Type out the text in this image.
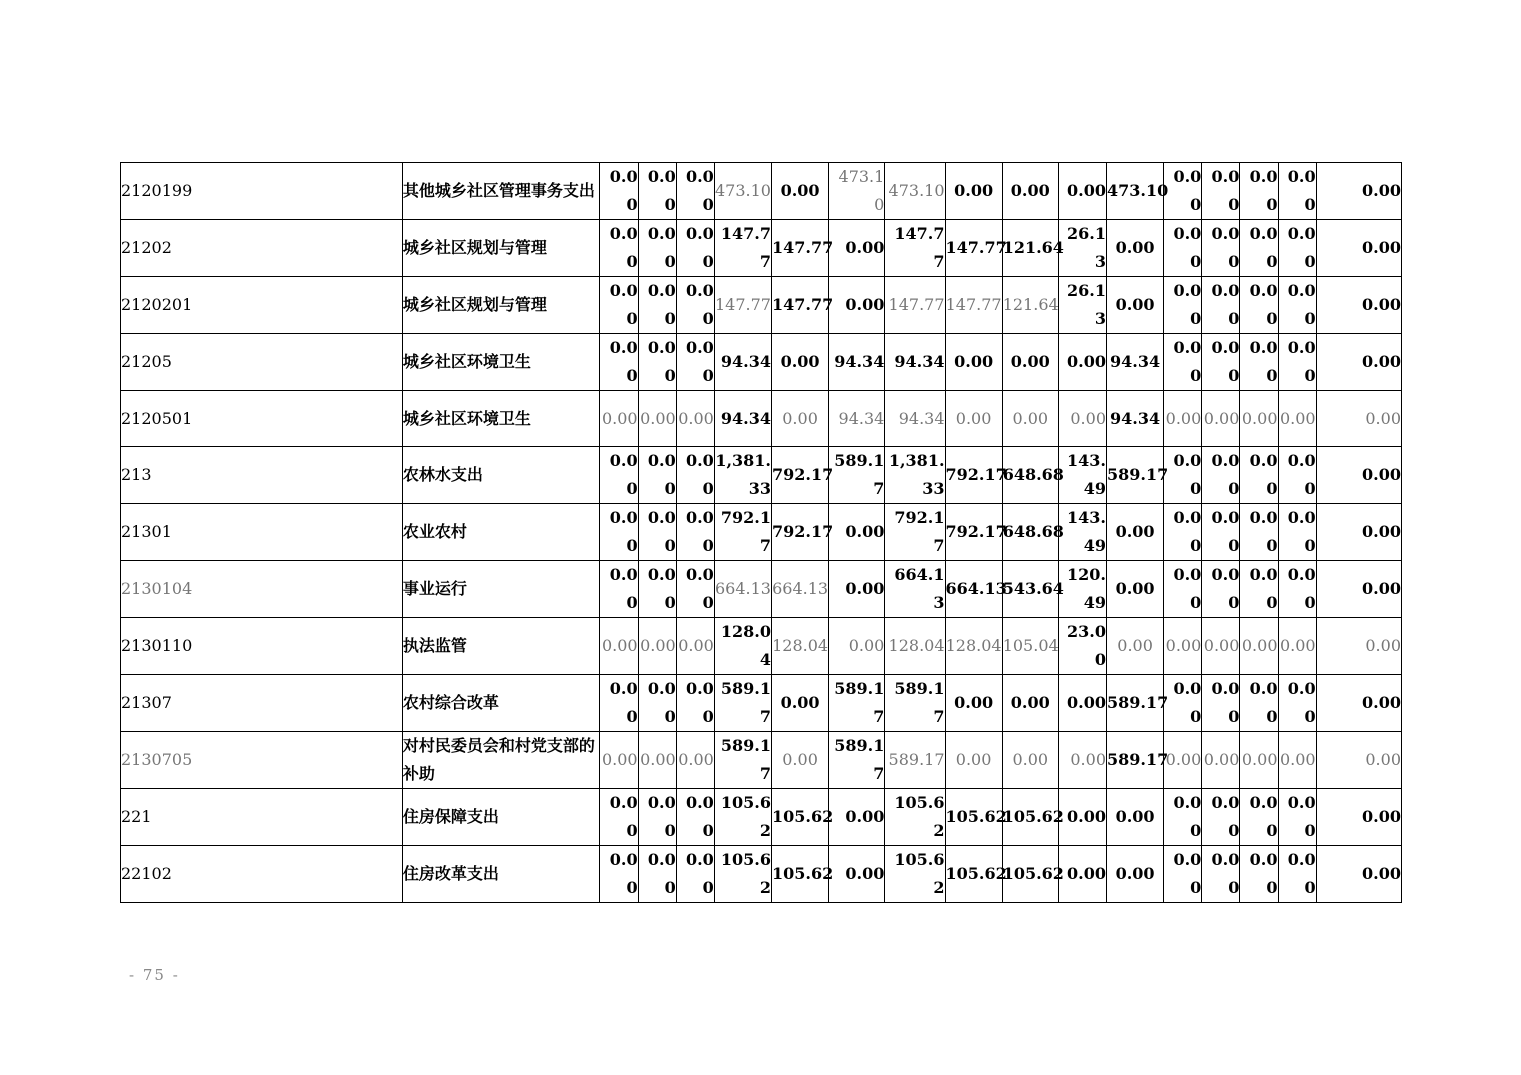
2120199	其他城乡社区管理事务支出	0.00	0.00	0.00	473.10	0.00	473.10	473.10	0.00	0.00	0.00	473.10	0.00	0.00	0.00	0.00	0.00
21202	城乡社区规划与管理	0.00	0.00	0.00	147.77	147.77	0.00	147.77	147.77	121.64	26.13	0.00	0.00	0.00	0.00	0.00	0.00
2120201	城乡社区规划与管理	0.00	0.00	0.00	147.77	147.77	0.00	147.77	147.77	121.64	26.13	0.00	0.00	0.00	0.00	0.00	0.00
21205	城乡社区环境卫生	0.00	0.00	0.00	94.34	0.00	94.34	94.34	0.00	0.00	0.00	94.34	0.00	0.00	0.00	0.00	0.00
2120501	城乡社区环境卫生	0.00	0.00	0.00	94.34	0.00	94.34	94.34	0.00	0.00	0.00	94.34	0.00	0.00	0.00	0.00	0.00
213	农林水支出	0.00	0.00	0.00	1,381.33	792.17	589.17	1,381.33	792.17	648.68	143.49	589.17	0.00	0.00	0.00	0.00	0.00
21301	农业农村	0.00	0.00	0.00	792.17	792.17	0.00	792.17	792.17	648.68	143.49	0.00	0.00	0.00	0.00	0.00	0.00
2130104	事业运行	0.00	0.00	0.00	664.13	664.13	0.00	664.13	664.13	543.64	120.49	0.00	0.00	0.00	0.00	0.00	0.00
2130110	执法监管	0.00	0.00	0.00	128.04	128.04	0.00	128.04	128.04	105.04	23.00	0.00	0.00	0.00	0.00	0.00	0.00
21307	农村综合改革	0.00	0.00	0.00	589.17	0.00	589.17	589.17	0.00	0.00	0.00	589.17	0.00	0.00	0.00	0.00	0.00
2130705	对村民委员会和村党支部的补助	0.00	0.00	0.00	589.17	0.00	589.17	589.17	0.00	0.00	0.00	589.17	0.00	0.00	0.00	0.00	0.00
221	住房保障支出	0.00	0.00	0.00	105.62	105.62	0.00	105.62	105.62	105.62	0.00	0.00	0.00	0.00	0.00	0.00	0.00
22102	住房改革支出	0.00	0.00	0.00	105.62	105.62	0.00	105.62	105.62	105.62	0.00	0.00	0.00	0.00	0.00	0.00	0.00
- 75 -
